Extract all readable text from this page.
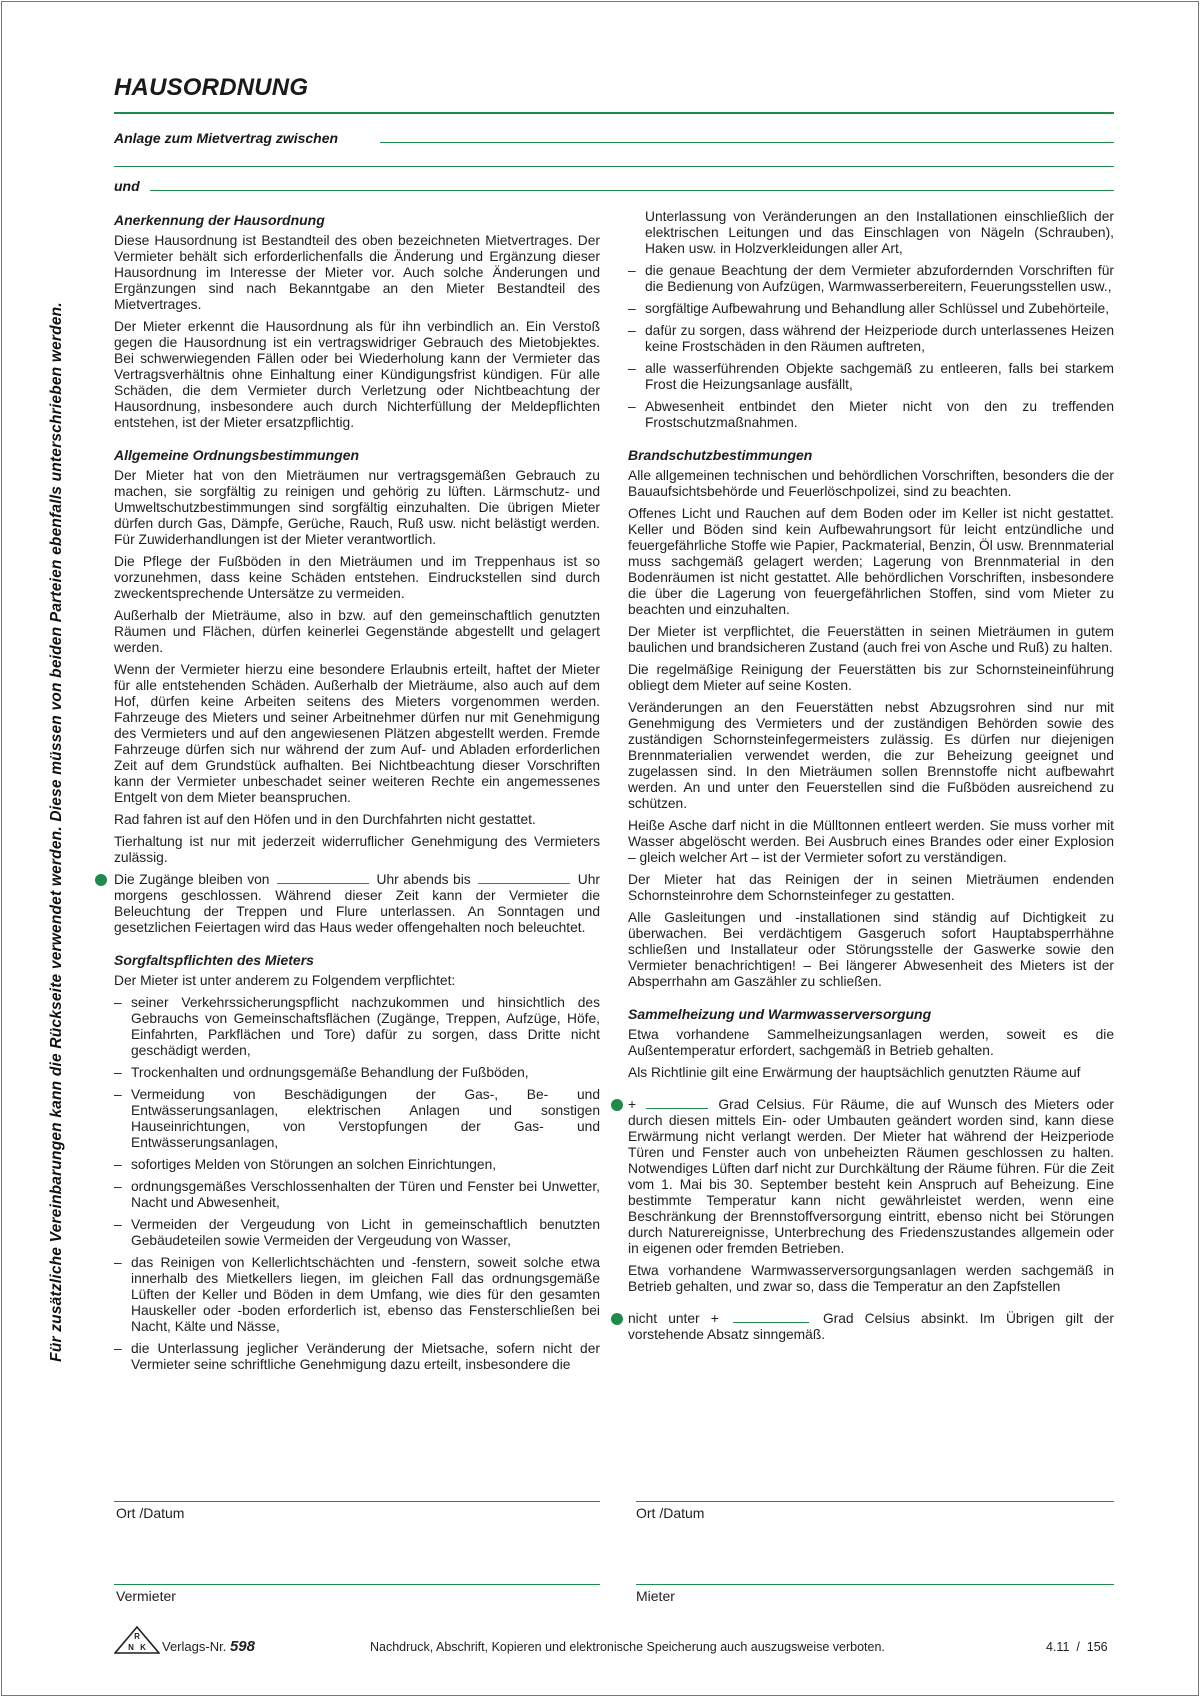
Für zusätzliche Vereinbarungen kann die Rückseite verwendet werden. Diese müssen von beiden Parteien ebenfalls unterschrieben werden.
HAUSORDNUNG
Anlage zum Mietvertrag zwischen
und
Anerkennung der Hausordnung

Diese Hausordnung ist Bestandteil des oben bezeichneten Mietvertrages. Der Vermieter behält sich erforderlichenfalls die Änderung und Ergänzung dieser Hausordnung im Interesse der Mieter vor. Auch solche Änderungen und Ergänzungen sind nach Bekanntgabe an den Mieter Bestandteil des Mietvertrages.

Der Mieter erkennt die Hausordnung als für ihn verbindlich an. Ein Verstoß gegen die Hausordnung ist ein vertragswidriger Gebrauch des Mietobjektes. Bei schwerwiegenden Fällen oder bei Wiederholung kann der Vermieter das Vertragsverhältnis ohne Einhaltung einer Kündigungsfrist kündigen. Für alle Schäden, die dem Vermieter durch Verletzung oder Nichtbeachtung der Hausordnung, insbesondere auch durch Nichterfüllung der Meldepflichten entstehen, ist der Mieter ersatzpflichtig.

Allgemeine Ordnungsbestimmungen

Der Mieter hat von den Mieträumen nur vertragsgemäßen Gebrauch zu machen, sie sorgfältig zu reinigen und gehörig zu lüften. Lärmschutz- und Umweltschutzbestimmungen sind sorgfältig einzuhalten. Die übrigen Mieter dürfen durch Gas, Dämpfe, Gerüche, Rauch, Ruß usw. nicht belästigt werden. Für Zuwiderhandlungen ist der Mieter verantwortlich.

Die Pflege der Fußböden in den Mieträumen und im Treppenhaus ist so vorzunehmen, dass keine Schäden entstehen. Eindruckstellen sind durch zweckentsprechende Untersätze zu vermeiden.

Außerhalb der Mieträume, also in bzw. auf den gemeinschaftlich genutzten Räumen und Flächen, dürfen keinerlei Gegenstände abgestellt und gelagert werden.

Wenn der Vermieter hierzu eine besondere Erlaubnis erteilt, haftet der Mieter für alle entstehenden Schäden. Außerhalb der Mieträume, also auch auf dem Hof, dürfen keine Arbeiten seitens des Mieters vorgenommen werden. Fahrzeuge des Mieters und seiner Arbeitnehmer dürfen nur mit Genehmigung des Vermieters und auf den angewiesenen Plätzen abgestellt werden. Fremde Fahrzeuge dürfen sich nur während der zum Auf- und Abladen erforderlichen Zeit auf dem Grundstück aufhalten. Bei Nichtbeachtung dieser Vorschriften kann der Vermieter unbeschadet seiner weiteren Rechte ein angemessenes Entgelt von dem Mieter beanspruchen.

Rad fahren ist auf den Höfen und in den Durchfahrten nicht gestattet.

Tierhaltung ist nur mit jederzeit widerruflicher Genehmigung des Vermieters zulässig.

Die Zugänge bleiben von	Uhr abends bis	Uhr morgens geschlossen. Während dieser Zeit kann der Vermieter die Beleuchtung der Treppen und Flure unterlassen. An Sonntagen und gesetzlichen Feiertagen wird das Haus weder offengehalten noch beleuchtet.

Sorgfaltspflichten des Mieters

Der Mieter ist unter anderem zu Folgendem verpflichtet:

– seiner Verkehrssicherungspflicht nachzukommen und hinsichtlich des Gebrauchs von Gemeinschaftsflächen (Zugänge, Treppen, Aufzüge, Höfe, Einfahrten, Parkflächen und Tore) dafür zu sorgen, dass Dritte nicht geschädigt werden,
– Trockenhalten und ordnungsgemäße Behandlung der Fußböden,
– Vermeidung von Beschädigungen der Gas-, Be- und Entwässerungsanlagen, elektrischen Anlagen und sonstigen Hauseinrichtungen, von Verstopfungen der Gas- und Entwässerungsanlagen,
– sofortiges Melden von Störungen an solchen Einrichtungen,
– ordnungsgemäßes Verschlossenhalten der Türen und Fenster bei Unwetter, Nacht und Abwesenheit,
– Vermeiden der Vergeudung von Licht in gemeinschaftlich benutzten Gebäudeteilen sowie Vermeiden der Vergeudung von Wasser,
– das Reinigen von Kellerlichtschächten und -fenstern, soweit solche etwa innerhalb des Mietkellers liegen, im gleichen Fall das ordnungsgemäße Lüften der Keller und Böden in dem Umfang, wie dies für den gesamten Hauskeller oder -boden erforderlich ist, ebenso das Fensterschließen bei Nacht, Kälte und Nässe,
– die Unterlassung jeglicher Veränderung der Mietsache, sofern nicht der Vermieter seine schriftliche Genehmigung dazu erteilt, insbesondere die

Unterlassung von Veränderungen an den Installationen einschließlich der elektrischen Leitungen und das Einschlagen von Nägeln (Schrauben), Haken usw. in Holzverkleidungen aller Art,

– die genaue Beachtung der dem Vermieter abzufordernden Vorschriften für die Bedienung von Aufzügen, Warmwasserbereitern, Feuerungsstellen usw.,
– sorgfältige Aufbewahrung und Behandlung aller Schlüssel und Zubehörteile,
– dafür zu sorgen, dass während der Heizperiode durch unterlassenes Heizen keine Frostschäden in den Räumen auftreten,
– alle wasserführenden Objekte sachgemäß zu entleeren, falls bei starkem Frost die Heizungsanlage ausfällt,
– Abwesenheit entbindet den Mieter nicht von den zu treffenden Frostschutzmaßnahmen.
Brandschutzbestimmungen

Alle allgemeinen technischen und behördlichen Vorschriften, besonders die der Bauaufsichtsbehörde und Feuerlöschpolizei, sind zu beachten.

Offenes Licht und Rauchen auf dem Boden oder im Keller ist nicht gestattet. Keller und Böden sind kein Aufbewahrungsort für leicht entzündliche und feuergefährliche Stoffe wie Papier, Packmaterial, Benzin, Öl usw. Brennmaterial muss sachgemäß gelagert werden; Lagerung von Brennmaterial in den Bodenräumen ist nicht gestattet. Alle behördlichen Vorschriften, insbesondere die über die Lagerung von feuergefährlichen Stoffen, sind vom Mieter zu beachten und einzuhalten.

Der Mieter ist verpflichtet, die Feuerstätten in seinen Mieträumen in gutem baulichen und brandsicheren Zustand (auch frei von Asche und Ruß) zu halten.

Die regelmäßige Reinigung der Feuerstätten bis zur Schornsteineinführung obliegt dem Mieter auf seine Kosten.

Veränderungen an den Feuerstätten nebst Abzugsrohren sind nur mit Genehmigung des Vermieters und der zuständigen Behörden sowie des zuständigen Schornsteinfegermeisters zulässig. Es dürfen nur diejenigen Brennmaterialien verwendet werden, die zur Beheizung geeignet und zugelassen sind. In den Mieträumen sollen Brennstoffe nicht aufbewahrt werden. An und unter den Feuerstellen sind die Fußböden ausreichend zu schützen.

Heiße Asche darf nicht in die Mülltonnen entleert werden. Sie muss vorher mit Wasser abgelöscht werden. Bei Ausbruch eines Brandes oder einer Explosion – gleich welcher Art – ist der Vermieter sofort zu verständigen.

Der Mieter hat das Reinigen der in seinen Mieträumen endenden Schornsteinrohre dem Schornsteinfeger zu gestatten.

Alle Gasleitungen und -installationen sind ständig auf Dichtigkeit zu überwachen. Bei verdächtigem Gasgeruch sofort Hauptabsperrhähne schließen und Installateur oder Störungsstelle der Gaswerke sowie den Vermieter benachrichtigen! – Bei längerer Abwesenheit des Mieters ist der Absperrhahn am Gaszähler zu schließen.

Sammelheizung und Warmwasserversorgung

Etwa vorhandene Sammelheizungsanlagen werden, soweit es die Außentemperatur erfordert, sachgemäß in Betrieb gehalten.

Als Richtlinie gilt eine Erwärmung der hauptsächlich genutzten Räume auf

+	Grad Celsius. Für Räume, die auf Wunsch des Mieters oder durch diesen mittels Ein- oder Umbauten geändert worden sind, kann diese Erwärmung nicht verlangt werden. Der Mieter hat während der Heizperiode Türen und Fenster auch von unbeheizten Räumen geschlossen zu halten. Notwendiges Lüften darf nicht zur Durchkältung der Räume führen. Für die Zeit vom 1. Mai bis 30. September besteht kein Anspruch auf Beheizung. Eine bestimmte Temperatur kann nicht gewährleistet werden, wenn eine Beschränkung der Brennstoffversorgung eintritt, ebenso nicht bei Störungen durch Naturereignisse, Unterbrechung des Friedenszustandes allgemein oder in eigenen oder fremden Betrieben.

Etwa vorhandene Warmwasserversorgungsanlagen werden sachgemäß in Betrieb gehalten, und zwar so, dass die Temperatur an den Zapfstellen

nicht unter +	Grad Celsius absinkt. Im Übrigen gilt der vorstehende Absatz sinngemäß.

Ort /Datum	Ort /Datum
Vermieter	Mieter
R
N K Verlags-Nr. 598	Nachdruck, Abschrift, Kopieren und elektronische Speicherung auch auszugsweise verboten.	4.11  /  156
